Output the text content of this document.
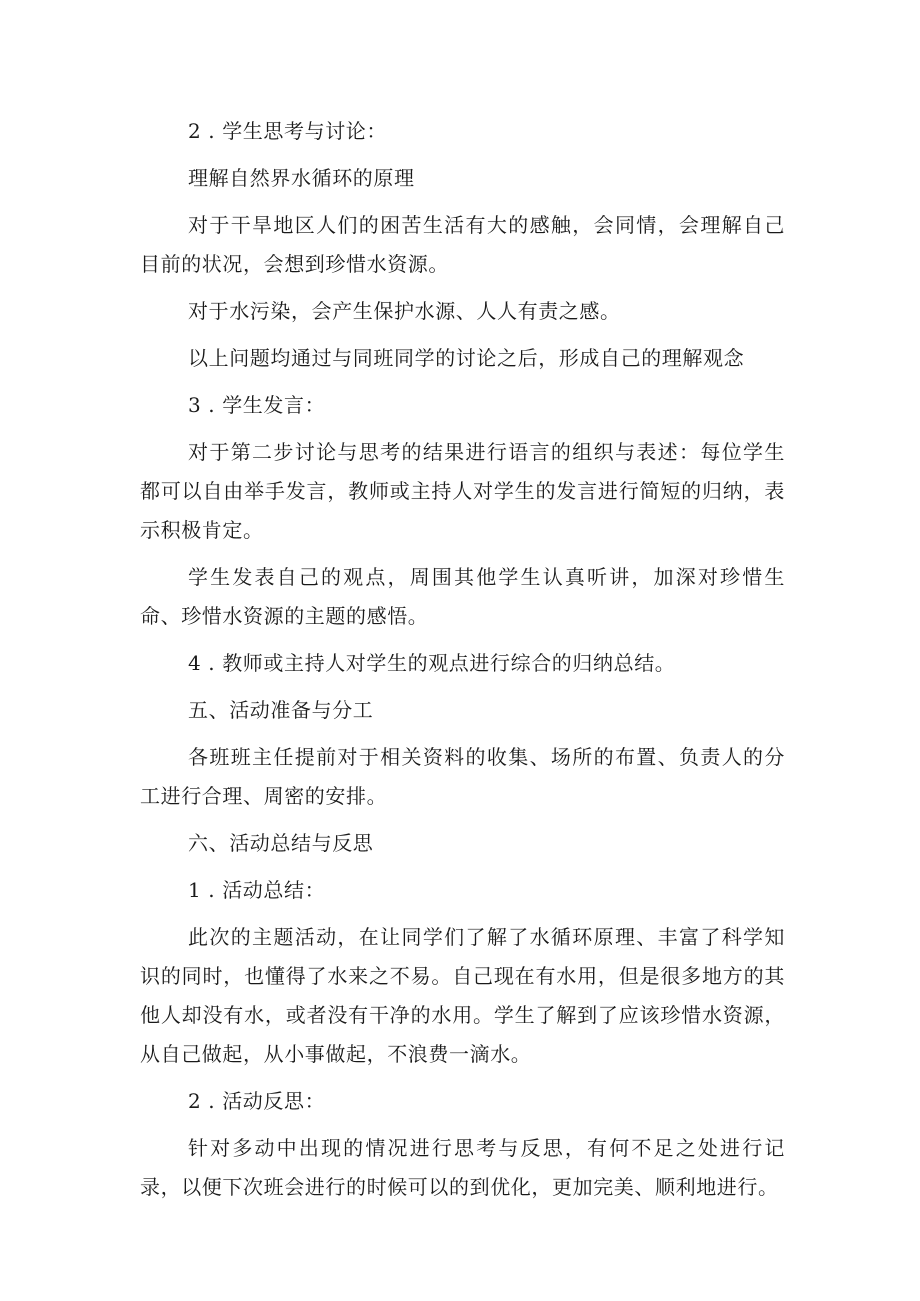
2 . 学生思考与讨论：

理解自然界水循环的原理

对于干旱地区人们的困苦生活有大的感触，会同情，会理解自己目前的状况，会想到珍惜水资源。

对于水污染，会产生保护水源、人人有责之感。

以上问题均通过与同班同学的讨论之后，形成自己的理解观念

3 . 学生发言：

对于第二步讨论与思考的结果进行语言的组织与表述：每位学生都可以自由举手发言，教师或主持人对学生的发言进行简短的归纳，表示积极肯定。

学生发表自己的观点，周围其他学生认真听讲，加深对珍惜生命、珍惜水资源的主题的感悟。

4 . 教师或主持人对学生的观点进行综合的归纳总结。

五、活动准备与分工

各班班主任提前对于相关资料的收集、场所的布置、负责人的分工进行合理、周密的安排。

六、活动总结与反思

1 . 活动总结：

此次的主题活动，在让同学们了解了水循环原理、丰富了科学知识的同时，也懂得了水来之不易。自己现在有水用，但是很多地方的其他人却没有水，或者没有干净的水用。学生了解到了应该珍惜水资源，从自己做起，从小事做起，不浪费一滴水。

2 . 活动反思：

针对多动中出现的情况进行思考与反思，有何不足之处进行记录，以便下次班会进行的时候可以的到优化，更加完美、顺利地进行。
